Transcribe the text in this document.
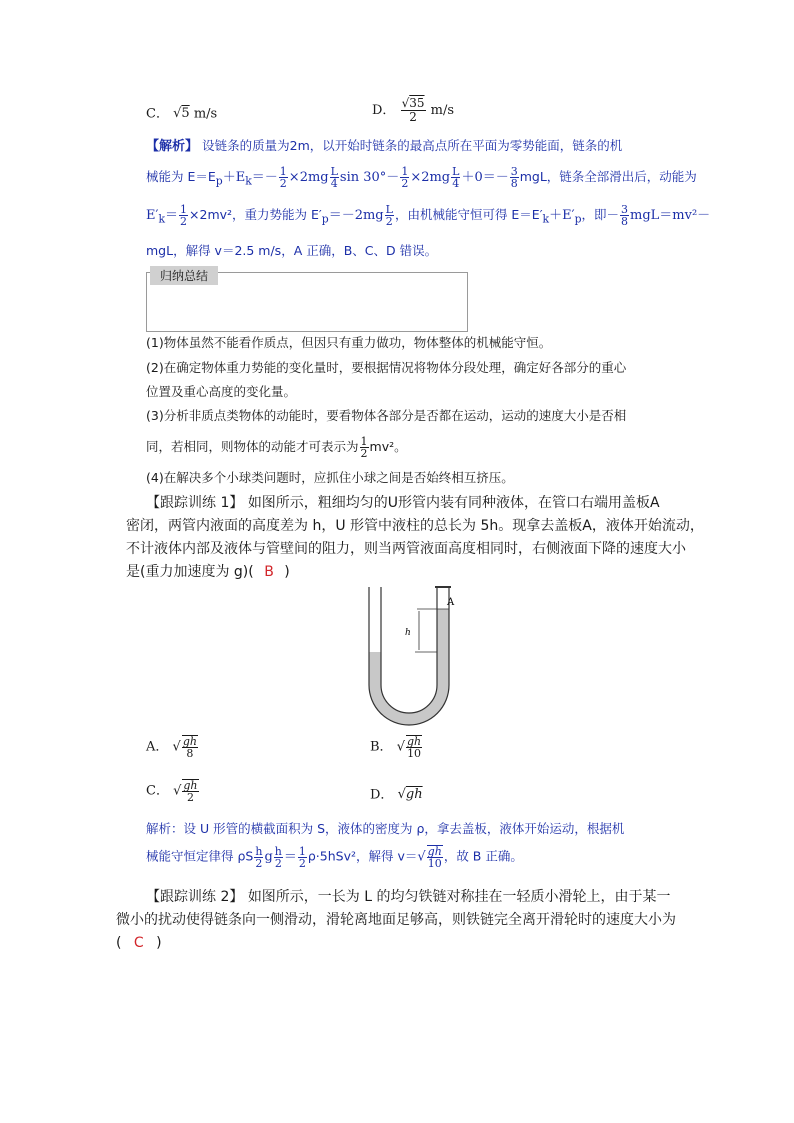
C． √5 m/s	D． $\frac{√35}{2} m/s$
【解析】 设链条的质量为2m，以开始时链条的最高点所在平面为零势能面，链条的机
械能为 $E=E_p+E_k=- \frac{1}{2} \times 2mg \frac{L}{4}$ $\sin 30^\circ- \frac{1}{2} \times 2mg \frac{L}{4} +0=- \frac{3}{8}$ mgL，链条全部滑出后，动能为
$E'_k= \frac{1}{2} \times 2mv^2$，重力势能为 $E'_p=-2mg \frac{L}{2}$ ，由机械能守恒可得 $E=E'_k+E'_p$，即－ $\frac{3}{8} mgL=mv^2-$
mgL，解得 v＝2.5 m/s，A 正确，B、C、D 错误。
归纳总结
(1)物体虽然不能看作质点，但因只有重力做功，物体整体的机械能守恒。
(2)在确定物体重力势能的变化量时，要根据情况将物体分段处理，确定好各部分的重心
位置及重心高度的变化量。
(3)分析非质点类物体的动能时，要看物体各部分是否都在运动，运动的速度大小是否相
同，若相同，则物体的动能才可表示为 $\frac{1}{2} mv^2$。
(4)在解决多个小球类问题时，应抓住小球之间是否始终相互挤压。
【跟踪训练 1】 如图所示，粗细均匀的U形管内装有同种液体，在管口右端用盖板A
密闭，两管内液面的高度差为 h，U 形管中液柱的总长为 5h。现拿去盖板A，液体开始流动，
不计液体内部及液体与管壁间的阻力，则当两管液面高度相同时，右侧液面下降的速度大小
是(重力加速度为 g)( B )
h
A
A． √ $\frac{gh}{8}$	B． √ $\frac{gh}{10}$
C． √ $\frac{gh}{2}$	D． √gh
解析：设 U 形管的横截面积为 S，液体的密度为 ρ，拿去盖板，液体开始运动，根据机
械能守恒定律得 ρS $\frac{h}{2}$ g $\frac{h}{2} = \frac{1}{2} \rho\cdot 5hSv^2$，解得 $v=√ \frac{gh}{10}$ ，故 B 正确。
【跟踪训练 2】 如图所示，一长为 L 的均匀铁链对称挂在一轻质小滑轮上，由于某一
微小的扰动使得链条向一侧滑动，滑轮离地面足够高，则铁链完全离开滑轮时的速度大小为
( C )
